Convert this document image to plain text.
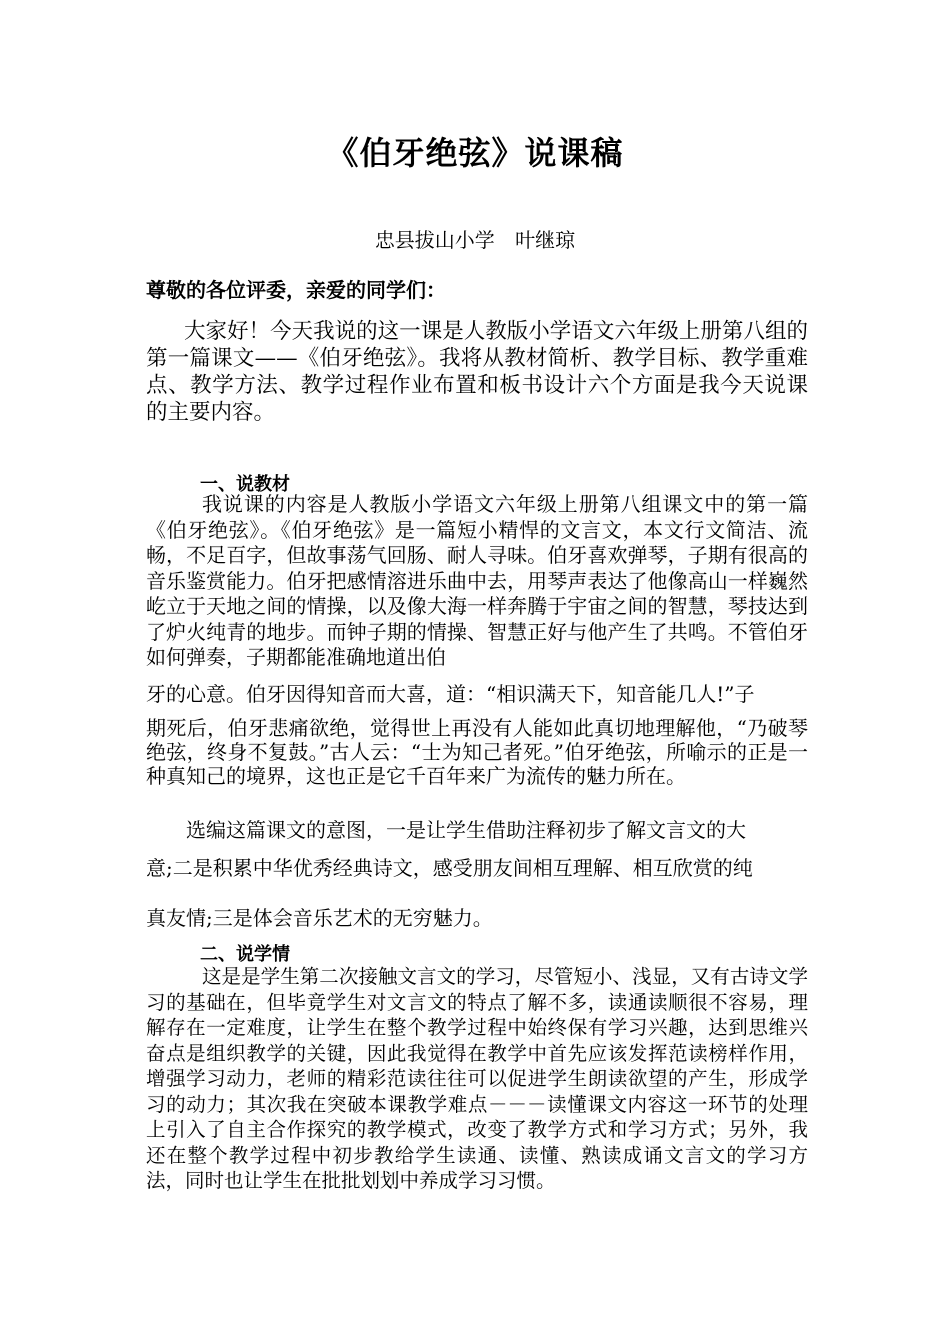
《伯牙绝弦》说课稿

忠县拔山小学 叶继琼

尊敬的各位评委，亲爱的同学们：

大家好！今天我说的这一课是人教版小学语文六年级上册第八组的第一篇课文——《伯牙绝弦》。我将从教材简析、教学目标、教学重难点、教学方法、教学过程作业布置和板书设计六个方面是我今天说课的主要内容。

一、说教材

我说课的内容是人教版小学语文六年级上册第八组课文中的第一篇《伯牙绝弦》。《伯牙绝弦》是一篇短小精悍的文言文，本文行文简洁、流畅，不足百字，但故事荡气回肠、耐人寻味。伯牙喜欢弹琴，子期有很高的音乐鉴赏能力。伯牙把感情溶进乐曲中去，用琴声表达了他像高山一样巍然屹立于天地之间的情操，以及像大海一样奔腾于宇宙之间的智慧，琴技达到了炉火纯青的地步。而钟子期的情操、智慧正好与他产生了共鸣。不管伯牙如何弹奏，子期都能准确地道出伯

牙的心意。伯牙因得知音而大喜，道：“相识满天下，知音能几人!”子

期死后，伯牙悲痛欲绝，觉得世上再没有人能如此真切地理解他，“乃破琴绝弦，终身不复鼓。”古人云：“士为知己者死。”伯牙绝弦，所喻示的正是一种真知己的境界，这也正是它千百年来广为流传的魅力所在。

选编这篇课文的意图，一是让学生借助注释初步了解文言文的大

意;二是积累中华优秀经典诗文，感受朋友间相互理解、相互欣赏的纯

真友情;三是体会音乐艺术的无穷魅力。

二、说学情

这是是学生第二次接触文言文的学习，尽管短小、浅显，又有古诗文学习的基础在，但毕竟学生对文言文的特点了解不多，读通读顺很不容易，理解存在一定难度，让学生在整个教学过程中始终保有学习兴趣，达到思维兴奋点是组织教学的关键，因此我觉得在教学中首先应该发挥范读榜样作用，增强学习动力，老师的精彩范读往往可以促进学生朗读欲望的产生，形成学习的动力；其次我在突破本课教学难点－－－读懂课文内容这一环节的处理上引入了自主合作探究的教学模式，改变了教学方式和学习方式；另外，我还在整个教学过程中初步教给学生读通、读懂、熟读成诵文言文的学习方法，同时也让学生在批批划划中养成学习习惯。
